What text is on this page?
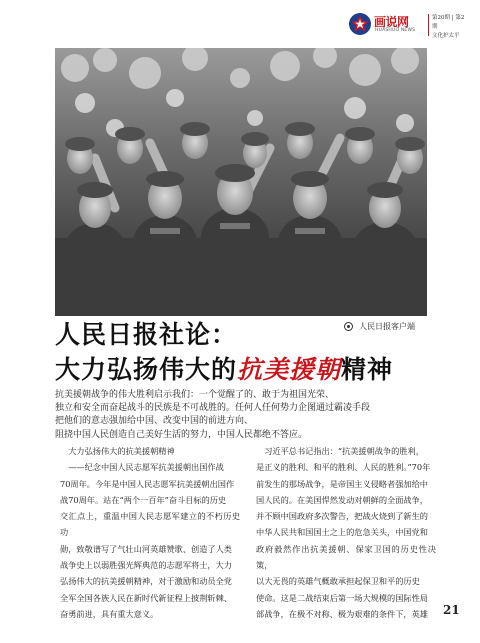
画说网
HUASHUO NEWS
第20期 | 第2期
文化护太平
人民日报客户端
人民日报社论：
大力弘扬伟大的抗美援朝精神

抗美援朝战争的伟大胜利启示我们：一个觉醒了的、敢于为祖国光荣、

独立和安全而奋起战斗的民族是不可战胜的。任何人任何势力企图通过霸凌手段

把他们的意志强加给中国、改变中国的前进方向、

阻挠中国人民创造自己美好生活的努力，中国人民都绝不答应。

大力弘扬伟大的抗美援朝精神

——纪念中国人民志愿军抗美援朝出国作战

70周年。今年是中国人民志愿军抗美援朝出国作

战70周年。站在“两个一百年”奋斗目标的历史

交汇点上，重温中国人民志愿军建立的不朽历史功

勋，致敬谱写了气壮山河英雄赞歌、创造了人类

战争史上以弱胜强光辉典范的志愿军将士，大力

弘扬伟大的抗美援朝精神，对于激励和动员全党

全军全国各族人民在新时代新征程上披荆斩棘、

奋勇前进，具有重大意义。

习近平总书记指出：“抗美援朝战争的胜利，

是正义的胜利、和平的胜利、人民的胜利。”70年

前发生的那场战争，是帝国主义侵略者强加给中

国人民的。在美国悍然发动对朝鲜的全面战争，

并不顾中国政府多次警告，把战火烧到了新生的

中华人民共和国国土之上的危急关头，中国党和

政府毅然作出抗美援朝、保家卫国的历史性决策，

以大无畏的英雄气概敢承担起保卫和平的历史

使命。这是二战结束后第一场大规模的国际性局

部战争，在极不对称、极为艰难的条件下，英雄	21
